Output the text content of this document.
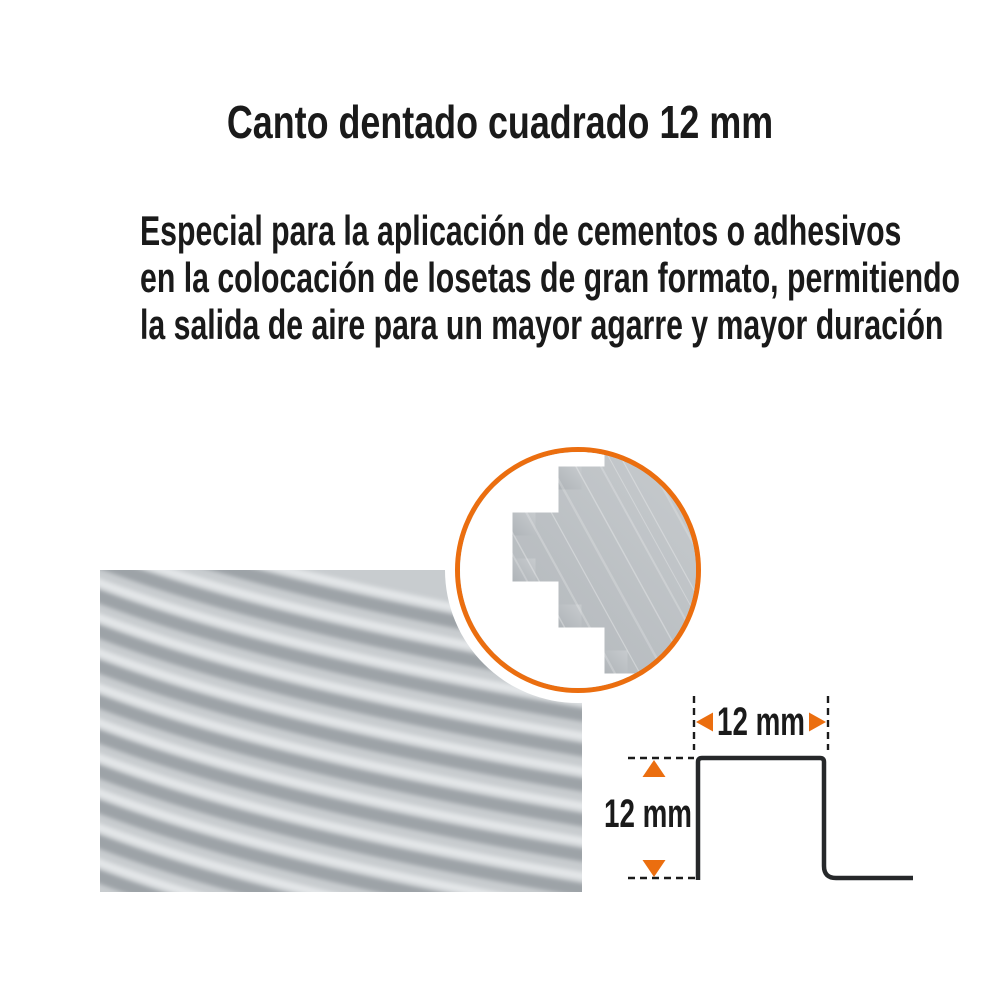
Canto dentado cuadrado 12 mm
Especial para la aplicación de cementos o adhesivos
en la colocación de losetas de gran formato, permitiendo
la salida de aire para un mayor agarre y mayor duración
12 mm
12 mm
